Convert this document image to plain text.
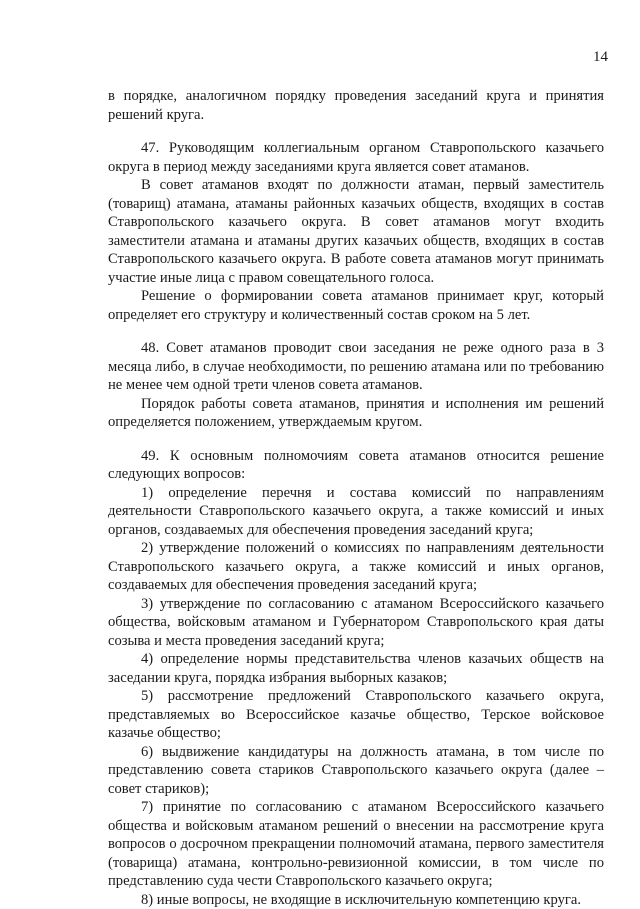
14

в порядке, аналогичном порядку проведения заседаний круга и принятия решений круга.

47. Руководящим коллегиальным органом Ставропольского казачьего округа в период между заседаниями круга является совет атаманов.

В совет атаманов входят по должности атаман, первый заместитель (товарищ) атамана, атаманы районных казачьих обществ, входящих в состав Ставропольского казачьего округа. В совет атаманов могут входить заместители атамана и атаманы других казачьих обществ, входящих в состав Ставропольского казачьего округа. В работе совета атаманов могут принимать участие иные лица с правом совещательного голоса.

Решение о формировании совета атаманов принимает круг, который определяет его структуру и количественный состав сроком на 5 лет.

48. Совет атаманов проводит свои заседания не реже одного раза в 3 месяца либо, в случае необходимости, по решению атамана или по требованию не менее чем одной трети членов совета атаманов.

Порядок работы совета атаманов, принятия и исполнения им решений определяется положением, утверждаемым кругом.

49. К основным полномочиям совета атаманов относится решение следующих вопросов:

1) определение перечня и состава комиссий по направлениям деятельности Ставропольского казачьего округа, а также комиссий и иных органов, создаваемых для обеспечения проведения заседаний круга;

2) утверждение положений о комиссиях по направлениям деятельности Ставропольского казачьего округа, а также комиссий и иных органов, создаваемых для обеспечения проведения заседаний круга;

3) утверждение по согласованию с атаманом Всероссийского казачьего общества, войсковым атаманом и Губернатором Ставропольского края даты созыва и места проведения заседаний круга;

4) определение нормы представительства членов казачьих обществ на заседании круга, порядка избрания выборных казаков;

5) рассмотрение предложений Ставропольского казачьего округа, представляемых во Всероссийское казачье общество, Терское войсковое казачье общество;

6) выдвижение кандидатуры на должность атамана, в том числе по представлению совета стариков Ставропольского казачьего округа (далее – совет стариков);

7) принятие по согласованию с атаманом Всероссийского казачьего общества и войсковым атаманом решений о внесении на рассмотрение круга вопросов о досрочном прекращении полномочий атамана, первого заместителя (товарища) атамана, контрольно-ревизионной комиссии, в том числе по представлению суда чести Ставропольского казачьего округа;

8) иные вопросы, не входящие в исключительную компетенцию круга.
